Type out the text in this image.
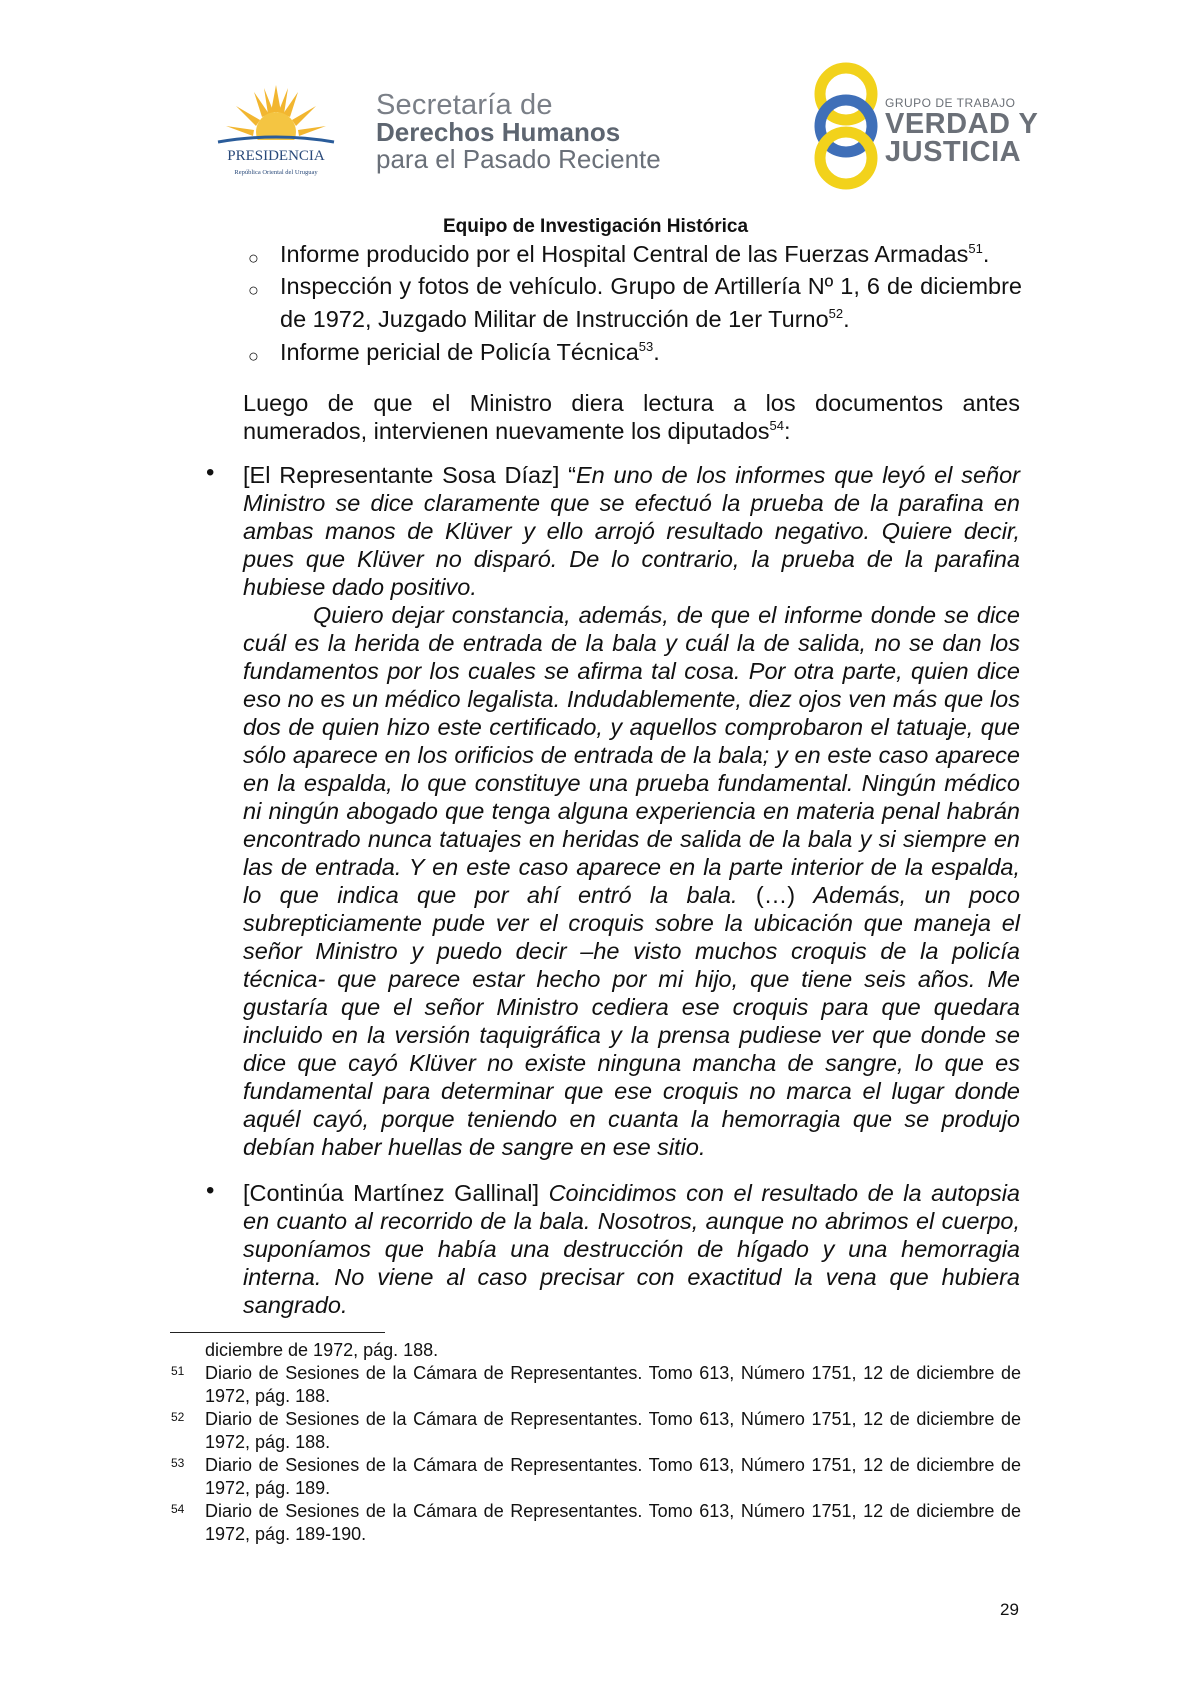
PRESIDENCIA
República Oriental del Uruguay
Secretaría de
Derechos Humanos
para el Pasado Reciente
GRUPO DE TRABAJO
VERDAD Y
JUSTICIA
Equipo de Investigación Histórica
○ Informe producido por el Hospital Central de las Fuerzas Armadas$^{51}$.
○ Inspección y fotos de vehículo. Grupo de Artillería Nº 1, 6 de diciembre de 1972, Juzgado Militar de Instrucción de 1er Turno$^{52}$.
○ Informe pericial de Policía Técnica$^{53}$.
Luego de que el Ministro diera lectura a los documentos antes numerados, intervienen nuevamente los diputados$^{54}$:
• [El Representante Sosa Díaz] “En uno de los informes que leyó el señor Ministro se dice claramente que se efectuó la prueba de la parafina en ambas manos de Klüver y ello arrojó resultado negativo. Quiere decir, pues que Klüver no disparó. De lo contrario, la prueba de la parafina hubiese dado positivo.
Quiero dejar constancia, además, de que el informe donde se dice cuál es la herida de entrada de la bala y cuál la de salida, no se dan los fundamentos por los cuales se afirma tal cosa. Por otra parte, quien dice eso no es un médico legalista. Indudablemente, diez ojos ven más que los dos de quien hizo este certificado, y aquellos comprobaron el tatuaje, que sólo aparece en los orificios de entrada de la bala; y en este caso aparece en la espalda, lo que constituye una prueba fundamental. Ningún médico ni ningún abogado que tenga alguna experiencia en materia penal habrán encontrado nunca tatuajes en heridas de salida de la bala y si siempre en las de entrada. Y en este caso aparece en la parte interior de la espalda, lo que indica que por ahí entró la bala. (…) Además, un poco subrepticiamente pude ver el croquis sobre la ubicación que maneja el señor Ministro y puedo decir –he visto muchos croquis de la policía técnica- que parece estar hecho por mi hijo, que tiene seis años. Me gustaría que el señor Ministro cediera ese croquis para que quedara incluido en la versión taquigráfica y la prensa pudiese ver que donde se dice que cayó Klüver no existe ninguna mancha de sangre, lo que es fundamental para determinar que ese croquis no marca el lugar donde aquél cayó, porque teniendo en cuanta la hemorragia que se produjo debían haber huellas de sangre en ese sitio.
• [Continúa Martínez Gallinal] Coincidimos con el resultado de la autopsia en cuanto al recorrido de la bala. Nosotros, aunque no abrimos el cuerpo, suponíamos que había una destrucción de hígado y una hemorragia interna. No viene al caso precisar con exactitud la vena que hubiera sangrado.
diciembre de 1972, pág. 188.
51 Diario de Sesiones de la Cámara de Representantes. Tomo 613, Número 1751, 12 de diciembre de 1972, pág. 188.
52 Diario de Sesiones de la Cámara de Representantes. Tomo 613, Número 1751, 12 de diciembre de 1972, pág. 188.
53 Diario de Sesiones de la Cámara de Representantes. Tomo 613, Número 1751, 12 de diciembre de 1972, pág. 189.
54 Diario de Sesiones de la Cámara de Representantes. Tomo 613, Número 1751, 12 de diciembre de 1972, pág. 189-190.
29
